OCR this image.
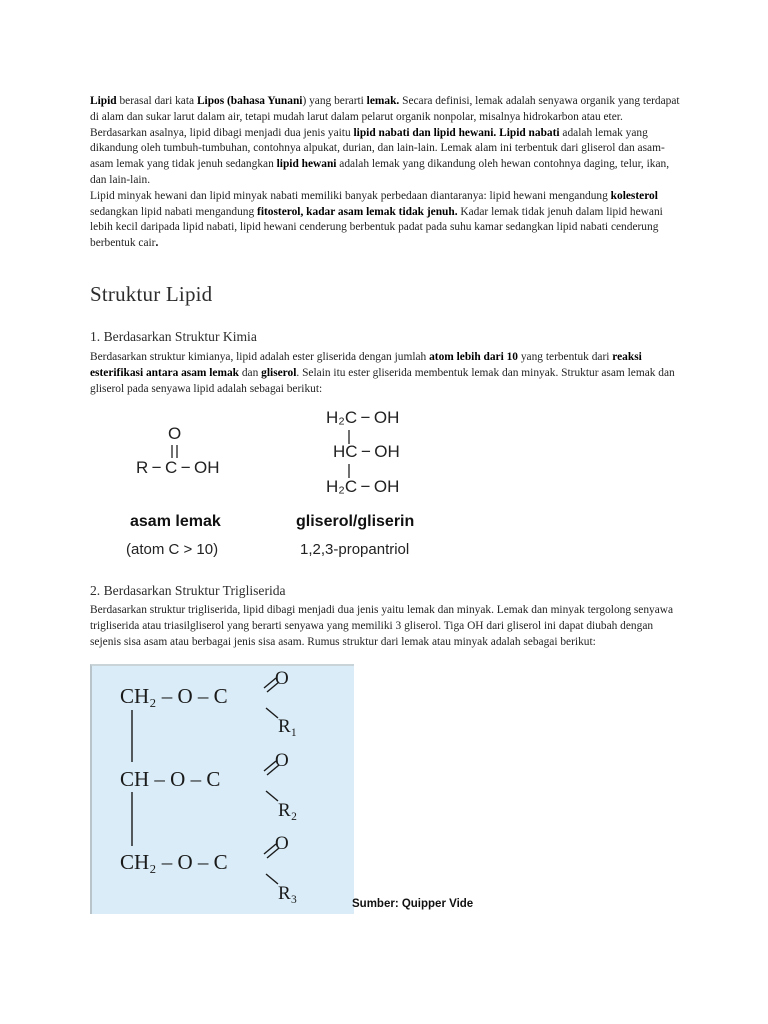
Lipid berasal dari kata Lipos (bahasa Yunani) yang berarti lemak. Secara definisi, lemak adalah senyawa organik yang terdapat di alam dan sukar larut dalam air, tetapi mudah larut dalam pelarut organik nonpolar, misalnya hidrokarbon atau eter.

Berdasarkan asalnya, lipid dibagi menjadi dua jenis yaitu lipid nabati dan lipid hewani. Lipid nabati adalah lemak yang dikandung oleh tumbuh-tumbuhan, contohnya alpukat, durian, dan lain-lain. Lemak alam ini terbentuk dari gliserol dan asam-asam lemak yang tidak jenuh sedangkan lipid hewani adalah lemak yang dikandung oleh hewan contohnya daging, telur, ikan, dan lain-lain.

Lipid minyak hewani dan lipid minyak nabati memiliki banyak perbedaan diantaranya: lipid hewani mengandung kolesterol sedangkan lipid nabati mengandung fitosterol, kadar asam lemak tidak jenuh. Kadar lemak tidak jenuh dalam lipid hewani lebih kecil daripada lipid nabati, lipid hewani cenderung berbentuk padat pada suhu kamar sedangkan lipid nabati cenderung berbentuk cair.

Struktur Lipid
1. Berdasarkan Struktur Kimia

Berdasarkan struktur kimianya, lipid adalah ester gliserida dengan jumlah atom lebih dari 10 yang terbentuk dari reaksi esterifikasi antara asam lemak dan gliserol. Selain itu ester gliserida membentuk lemak dan minyak. Struktur asam lemak dan gliserol pada senyawa lipid adalah sebagai berikut:

O
R − C − OH
asam lemak
(atom C > 10)
H₂C − OH
HC − OH
H₂C − OH
gliserol/gliserin
1,2,3-propantriol
2. Berdasarkan Struktur Trigliserida

Berdasarkan struktur trigliserida, lipid dibagi menjadi dua jenis yaitu lemak dan minyak. Lemak dan minyak tergolong senyawa trigliserida atau triasilgliserol yang berarti senyawa yang memiliki 3 gliserol. Tiga OH dari gliserol ini dapat diubah dengan sejenis sisa asam atau berbagai jenis sisa asam. Rumus struktur dari lemak atau minyak adalah sebagai berikut:

CH₂ – O – C
O
R₁
CH – O – C
O
R₂
CH₂ – O – C
O
R₃	Sumber: Quipper Vide
